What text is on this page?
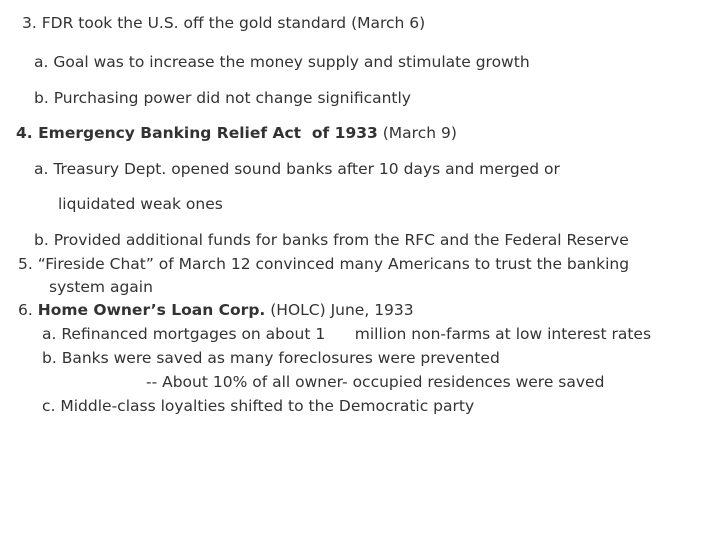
3. FDR took the U.S. off the gold standard (March 6)
a. Goal was to increase the money supply and stimulate growth
b. Purchasing power did not change significantly
4. Emergency Banking Relief Act  of 1933 (March 9)
a. Treasury Dept. opened sound banks after 10 days and merged or
liquidated weak ones
b. Provided additional funds for banks from the RFC and the Federal Reserve
5. “Fireside Chat” of March 12 convinced many Americans to trust the banking
system again
6. Home Owner’s Loan Corp. (HOLC) June, 1933
a. Refinanced mortgages on about 1      million non-farms at low interest rates
b. Banks were saved as many foreclosures were prevented
-- About 10% of all owner- occupied residences were saved
c. Middle-class loyalties shifted to the Democratic party
